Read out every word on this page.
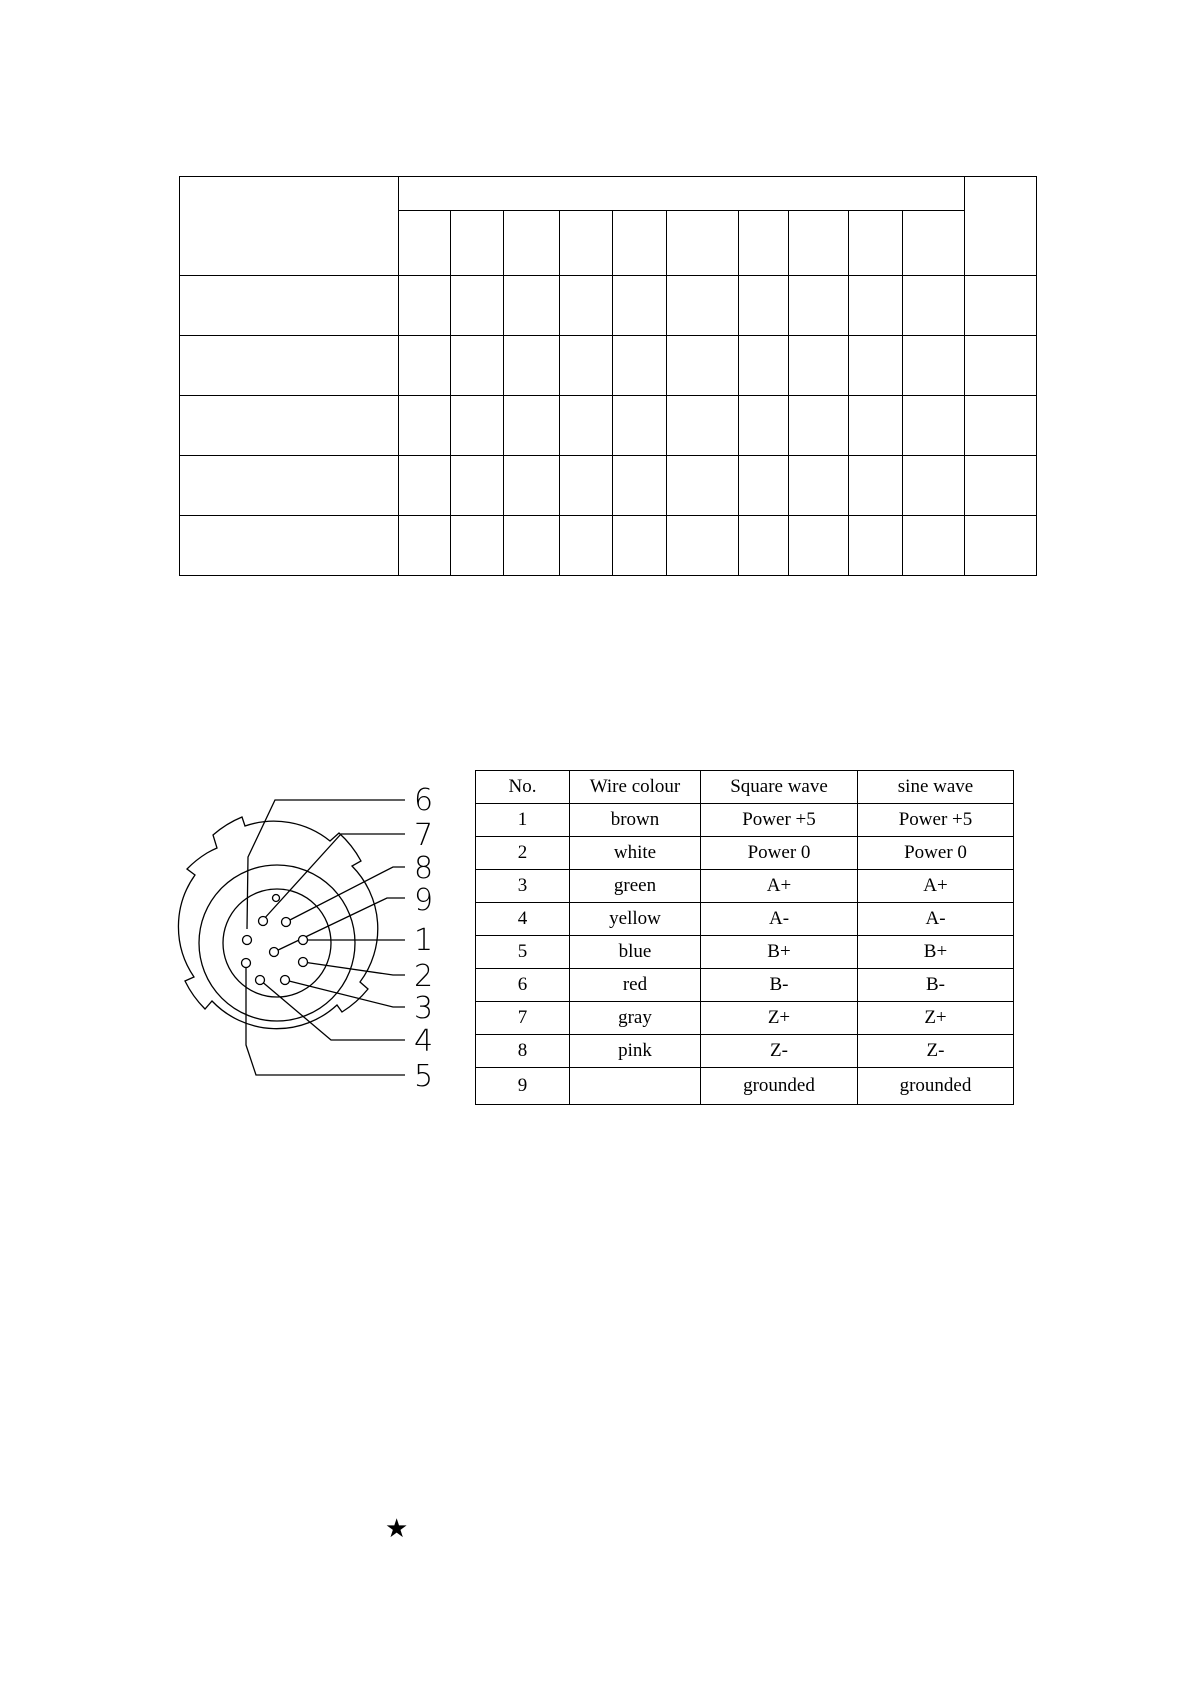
6
7
8
9
1
2
3
4
5
No.	Wire colour	Square wave	sine wave
1	brown	Power +5	Power +5
2	white	Power 0	Power 0
3	green	A+	A+
4	yellow	A-	A-
5	blue	B+	B+
6	red	B-	B-
7	gray	Z+	Z+
8	pink	Z-	Z-
9		grounded	grounded
★
